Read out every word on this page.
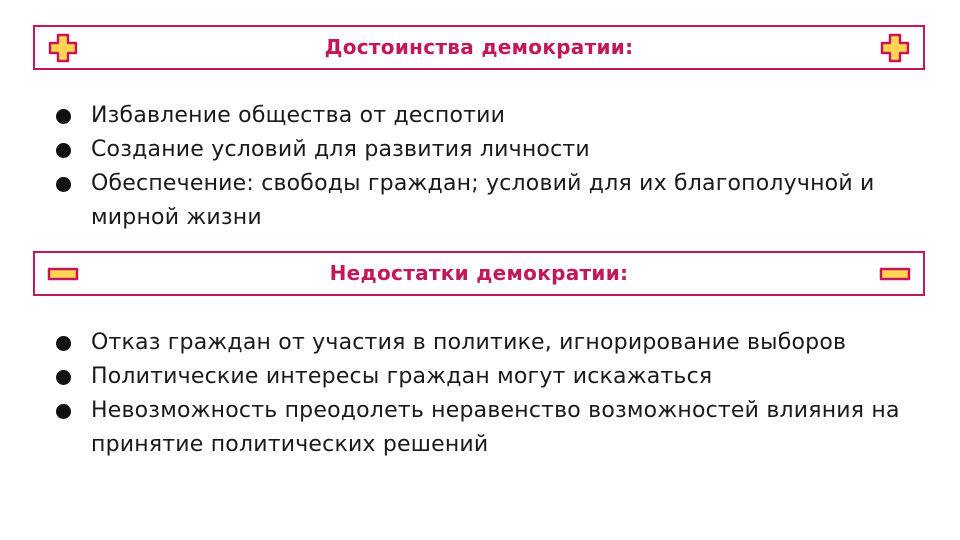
Достоинства демократии:
Избавление общества от деспотии
Создание условий для развития личности
Обеспечение: свободы граждан; условий для их благополучной и мирной жизни
Недостатки демократии:
Отказ граждан от участия в политике, игнорирование выборов
Политические интересы граждан могут искажаться
Невозможность преодолеть неравенство возможностей влияния на принятие политических решений
